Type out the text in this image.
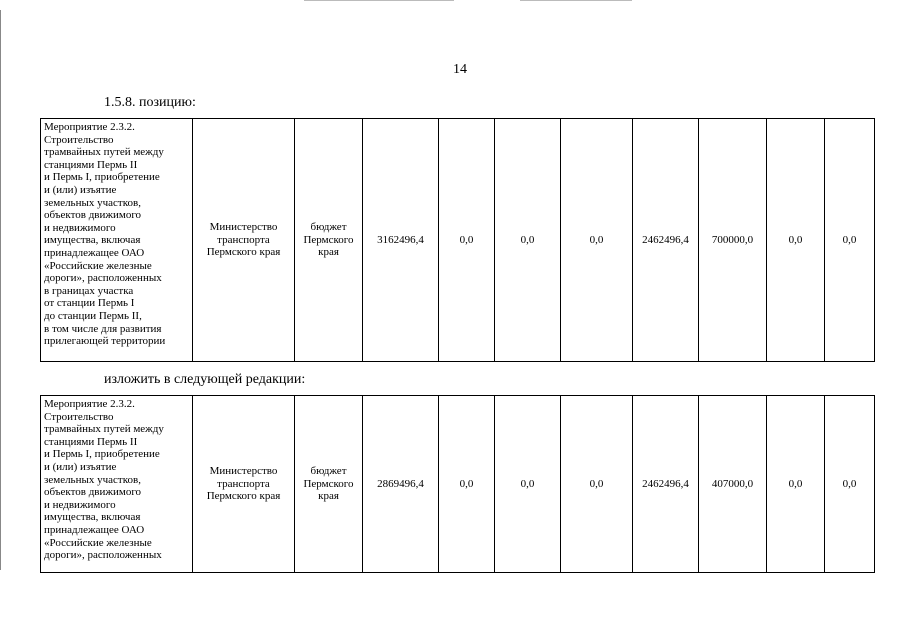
14
1.5.8. позицию:
Мероприятие 2.3.2.
Строительство
трамвайных путей между
станциями Пермь II
и Пермь I, приобретение
и (или) изъятие
земельных участков,
объектов движимого
и недвижимого
имущества, включая
принадлежащее ОАО
«Российские железные
дороги», расположенных
в границах участка
от станции Пермь I
до станции Пермь II,
в том числе для развития
прилегающей территории

Министерство
транспорта
Пермского края

бюджет
Пермского
края

3162496,4	0,0	0,0	0,0	2462496,4	700000,0	0,0	0,0
изложить в следующей редакции:
Мероприятие 2.3.2.
Строительство
трамвайных путей между
станциями Пермь II
и Пермь I, приобретение
и (или) изъятие
земельных участков,
объектов движимого
и недвижимого
имущества, включая
принадлежащее ОАО
«Российские железные
дороги», расположенных

Министерство
транспорта
Пермского края

бюджет
Пермского
края

2869496,4	0,0	0,0	0,0	2462496,4	407000,0	0,0	0,0
